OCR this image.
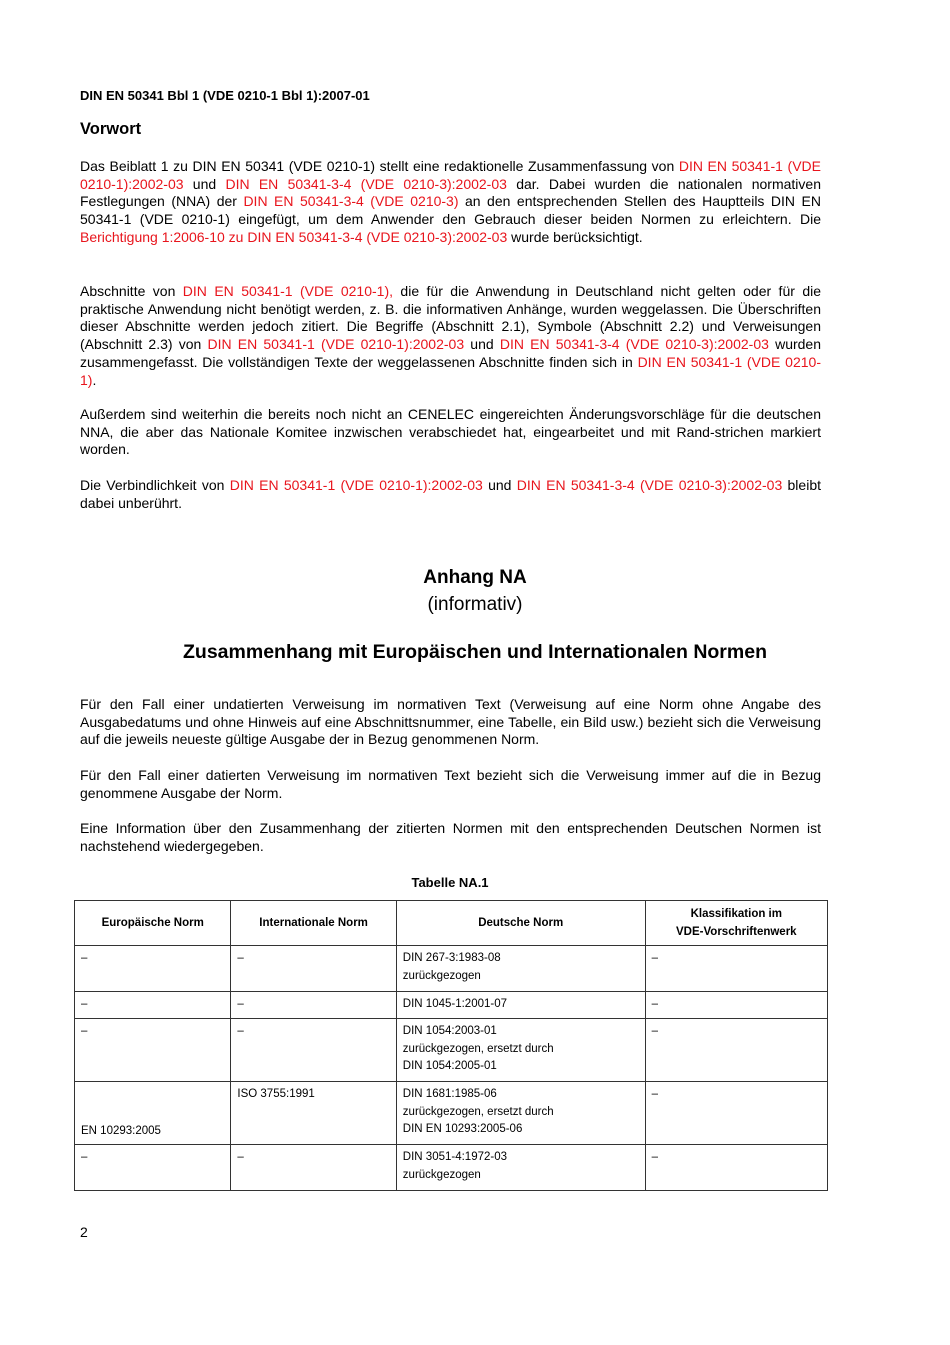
DIN EN 50341 Bbl 1 (VDE 0210-1 Bbl 1):2007-01
Vorwort
Das Beiblatt 1 zu DIN EN 50341 (VDE 0210-1) stellt eine redaktionelle Zusammenfassung von DIN EN 50341-1 (VDE 0210-1):2002-03 und DIN EN 50341-3-4 (VDE 0210-3):2002-03 dar. Dabei wurden die nationalen normativen Festlegungen (NNA) der DIN EN 50341-3-4 (VDE 0210-3) an den entsprechenden Stellen des Hauptteils DIN EN 50341-1 (VDE 0210-1) eingefügt, um dem Anwender den Gebrauch dieser beiden Normen zu erleichtern. Die Berichtigung 1:2006-10 zu DIN EN 50341-3-4 (VDE 0210-3):2002-03 wurde berücksichtigt.
Abschnitte von DIN EN 50341-1 (VDE 0210-1), die für die Anwendung in Deutschland nicht gelten oder für die praktische Anwendung nicht benötigt werden, z. B. die informativen Anhänge, wurden weggelassen. Die Überschriften dieser Abschnitte werden jedoch zitiert. Die Begriffe (Abschnitt 2.1), Symbole (Abschnitt 2.2) und Verweisungen (Abschnitt 2.3) von DIN EN 50341-1 (VDE 0210-1):2002-03 und DIN EN 50341-3-4 (VDE 0210-3):2002-03 wurden zusammengefasst. Die vollständigen Texte der weggelassenen Abschnitte finden sich in DIN EN 50341-1 (VDE 0210-1).
Außerdem sind weiterhin die bereits noch nicht an CENELEC eingereichten Änderungsvorschläge für die deutschen NNA, die aber das Nationale Komitee inzwischen verabschiedet hat, eingearbeitet und mit Rand-strichen markiert worden.
Die Verbindlichkeit von DIN EN 50341-1 (VDE 0210-1):2002-03 und DIN EN 50341-3-4 (VDE 0210-3):2002-03 bleibt dabei unberührt.
Anhang NA
(informativ)
Zusammenhang mit Europäischen und Internationalen Normen
Für den Fall einer undatierten Verweisung im normativen Text (Verweisung auf eine Norm ohne Angabe des Ausgabedatums und ohne Hinweis auf eine Abschnittsnummer, eine Tabelle, ein Bild usw.) bezieht sich die Verweisung auf die jeweils neueste gültige Ausgabe der in Bezug genommenen Norm.
Für den Fall einer datierten Verweisung im normativen Text bezieht sich die Verweisung immer auf die in Bezug genommene Ausgabe der Norm.
Eine Information über den Zusammenhang der zitierten Normen mit den entsprechenden Deutschen Normen ist nachstehend wiedergegeben.
Tabelle NA.1
Europäische Norm	Internationale Norm	Deutsche Norm	Klassifikation im
VDE-Vorschriftenwerk
–	–	DIN 267-3:1983-08
zurückgezogen	–
–	–	DIN 1045-1:2001-07	–
–	–	DIN 1054:2003-01
zurückgezogen, ersetzt durch
DIN 1054:2005-01	–
EN 10293:2005	ISO 3755:1991	DIN 1681:1985-06
zurückgezogen, ersetzt durch
DIN EN 10293:2005-06	–
–	–	DIN 3051-4:1972-03
zurückgezogen	–
2
